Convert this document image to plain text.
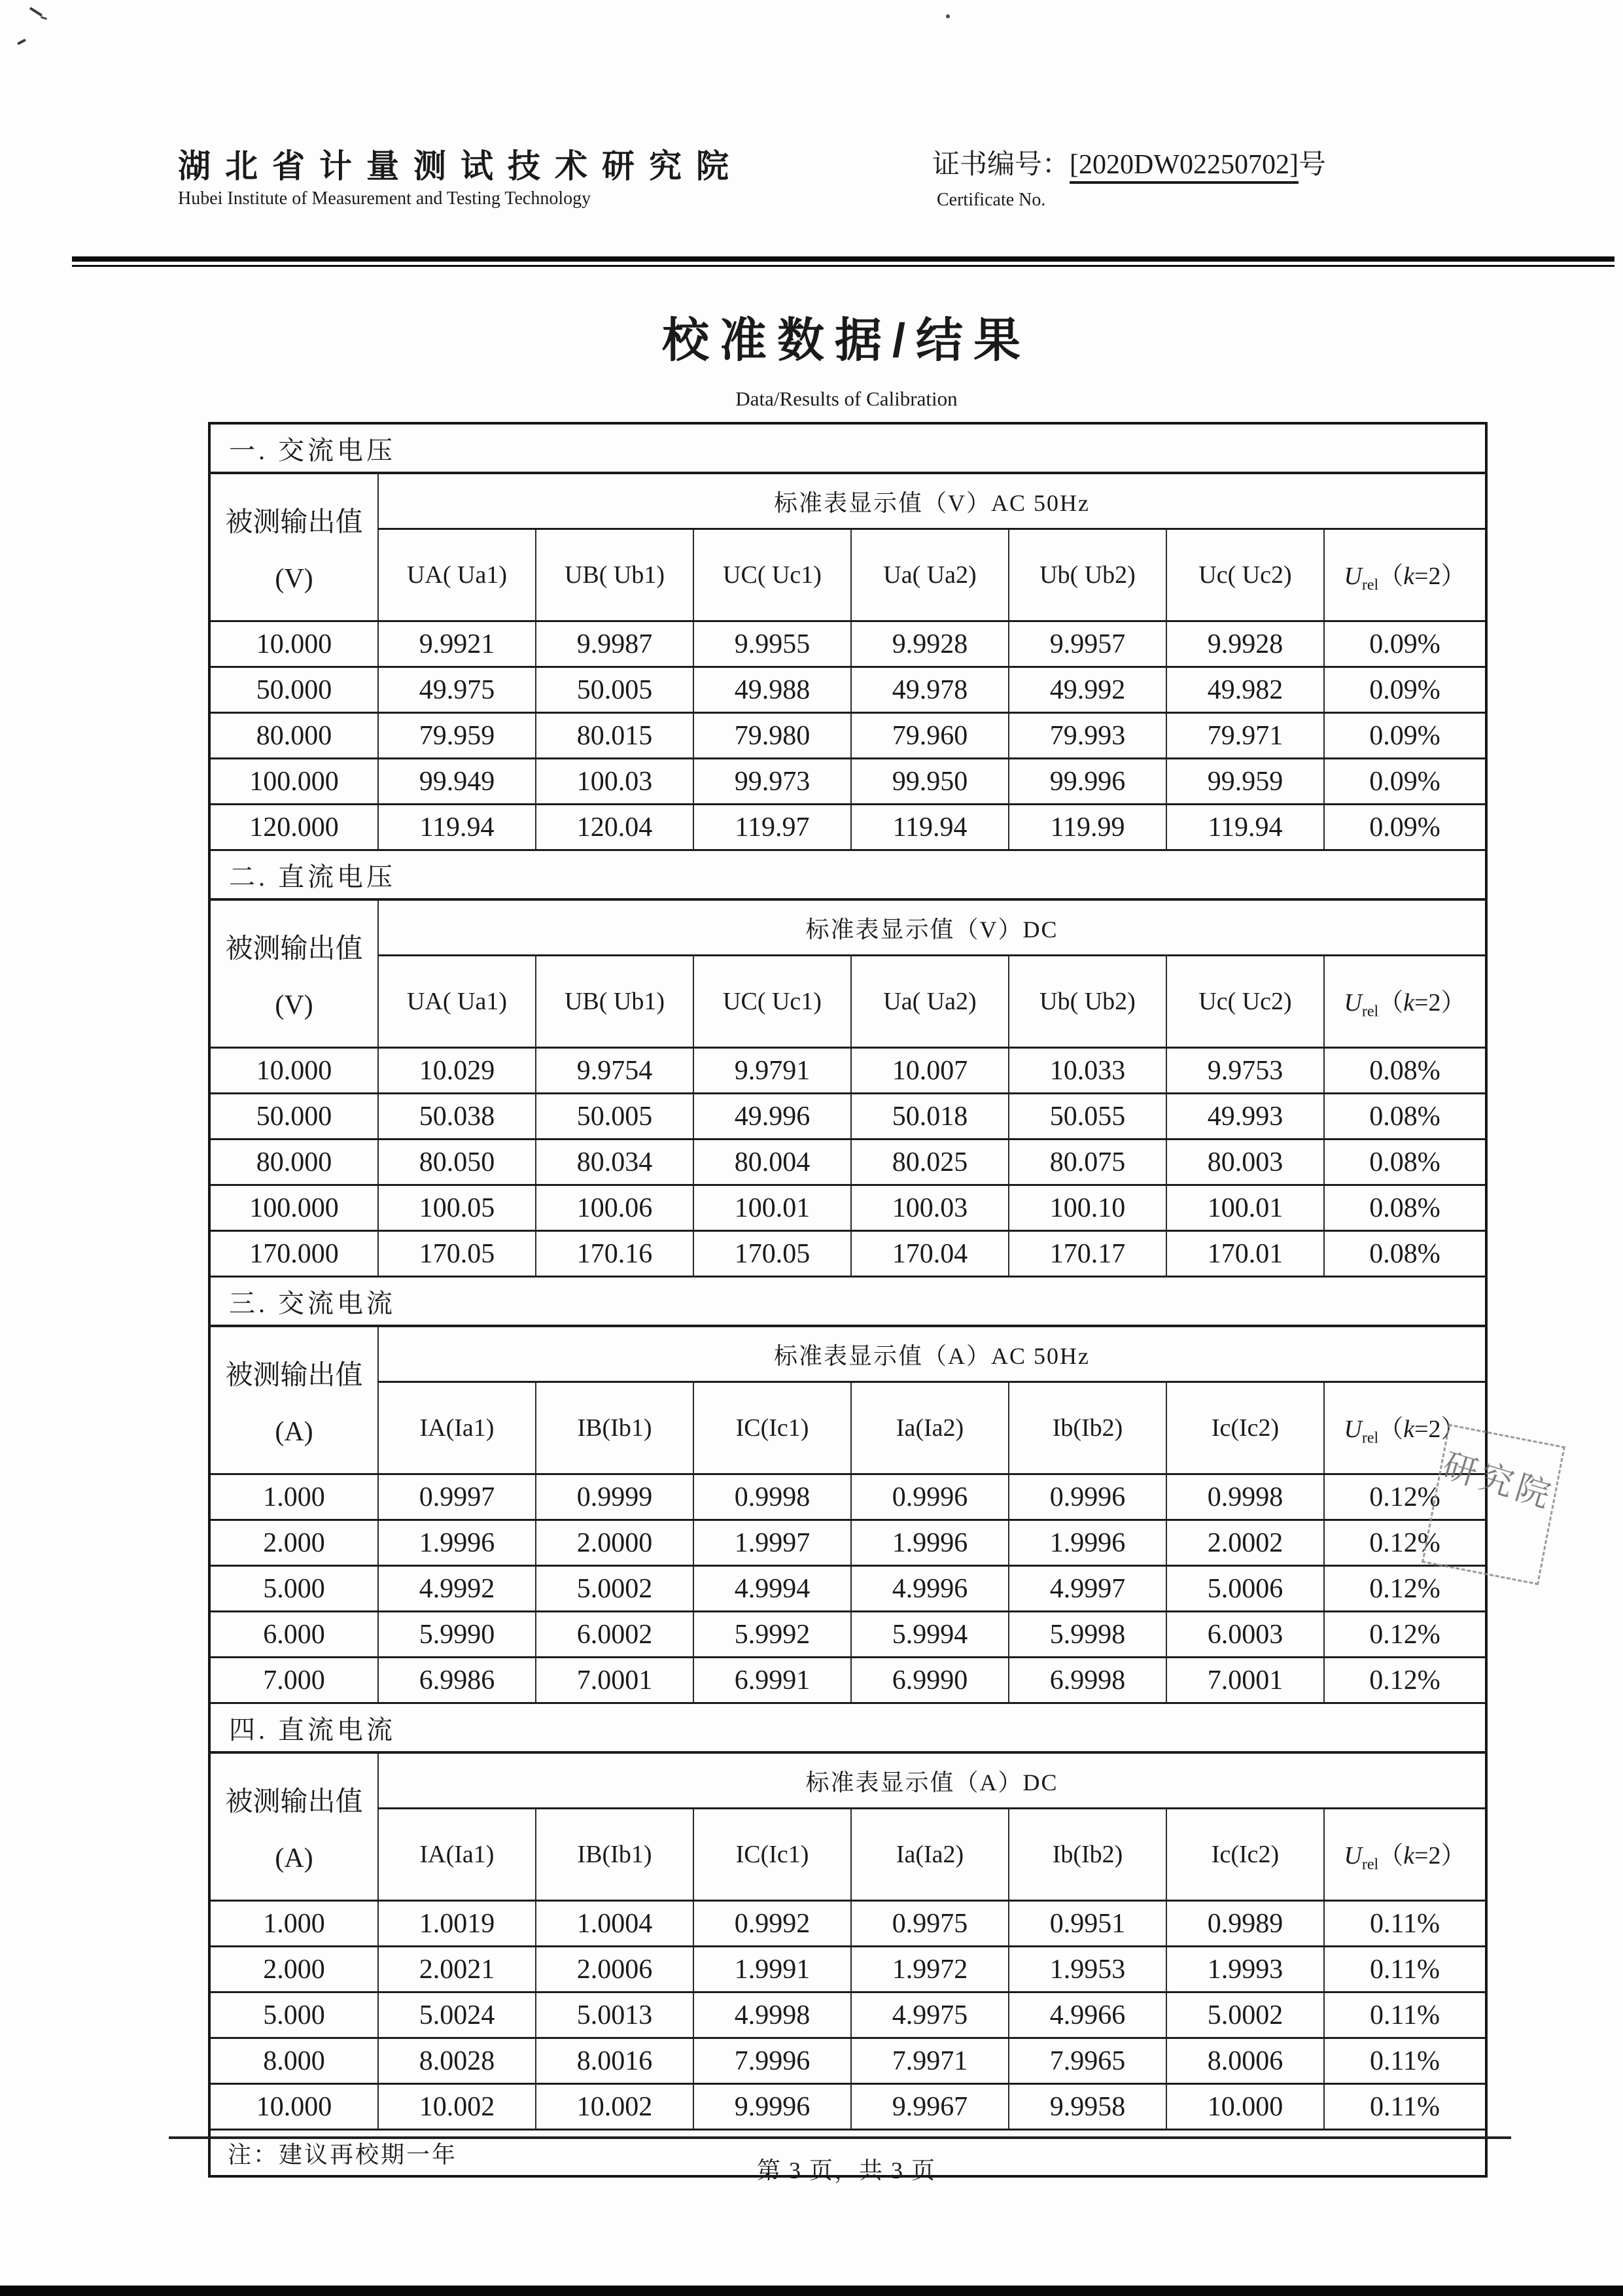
湖北省计量测试技术研究院
Hubei Institute of Measurement and Testing Technology
证书编号：[2020DW02250702]号
Certificate No.
校准数据/结果
Data/Results of Calibration
一. 交流电压							

被测输出值
(V)	标准表显示值（V）AC 50Hz						
	UA( Ua1)	UB( Ub1)	UC( Uc1)	Ua( Ua2)	Ub( Ub2)	Uc( Uc2)	$U_{rel}(k=2)$
10.000	9.9921	9.9987	9.9955	9.9928	9.9957	9.9928	0.09%
50.000	49.975	50.005	49.988	49.978	49.992	49.982	0.09%
80.000	79.959	80.015	79.980	79.960	79.993	79.971	0.09%
100.000	99.949	100.03	99.973	99.950	99.996	99.959	0.09%
120.000	119.94	120.04	119.97	119.94	119.99	119.94	0.09%
二. 直流电压							

被测输出值
(V)	标准表显示值（V）DC						
	UA( Ua1)	UB( Ub1)	UC( Uc1)	Ua( Ua2)	Ub( Ub2)	Uc( Uc2)	$U_{rel}(k=2)$
10.000	10.029	9.9754	9.9791	10.007	10.033	9.9753	0.08%
50.000	50.038	50.005	49.996	50.018	50.055	49.993	0.08%
80.000	80.050	80.034	80.004	80.025	80.075	80.003	0.08%
100.000	100.05	100.06	100.01	100.03	100.10	100.01	0.08%
170.000	170.05	170.16	170.05	170.04	170.17	170.01	0.08%
三. 交流电流							

被测输出值
(A)	标准表显示值（A）AC 50Hz						
	IA(Ia1)	IB(Ib1)	IC(Ic1)	Ia(Ia2)	Ib(Ib2)	Ic(Ic2)	$U_{rel}(k=2)$
1.000	0.9997	0.9999	0.9998	0.9996	0.9996	0.9998	0.12%
2.000	1.9996	2.0000	1.9997	1.9996	1.9996	2.0002	0.12%
5.000	4.9992	5.0002	4.9994	4.9996	4.9997	5.0006	0.12%
6.000	5.9990	6.0002	5.9992	5.9994	5.9998	6.0003	0.12%
7.000	6.9986	7.0001	6.9991	6.9990	6.9998	7.0001	0.12%
四. 直流电流							

被测输出值
(A)	标准表显示值（A）DC						
	IA(Ia1)	IB(Ib1)	IC(Ic1)	Ia(Ia2)	Ib(Ib2)	Ic(Ic2)	$U_{rel}(k=2)$
1.000	1.0019	1.0004	0.9992	0.9975	0.9951	0.9989	0.11%
2.000	2.0021	2.0006	1.9991	1.9972	1.9953	1.9993	0.11%
5.000	5.0024	5.0013	4.9998	4.9975	4.9966	5.0002	0.11%
8.000	8.0028	8.0016	7.9996	7.9971	7.9965	8.0006	0.11%
10.000	10.002	10.002	9.9996	9.9967	9.9958	10.000	0.11%
注：建议再校期一年							
研究院
第 3 页，共 3 页
